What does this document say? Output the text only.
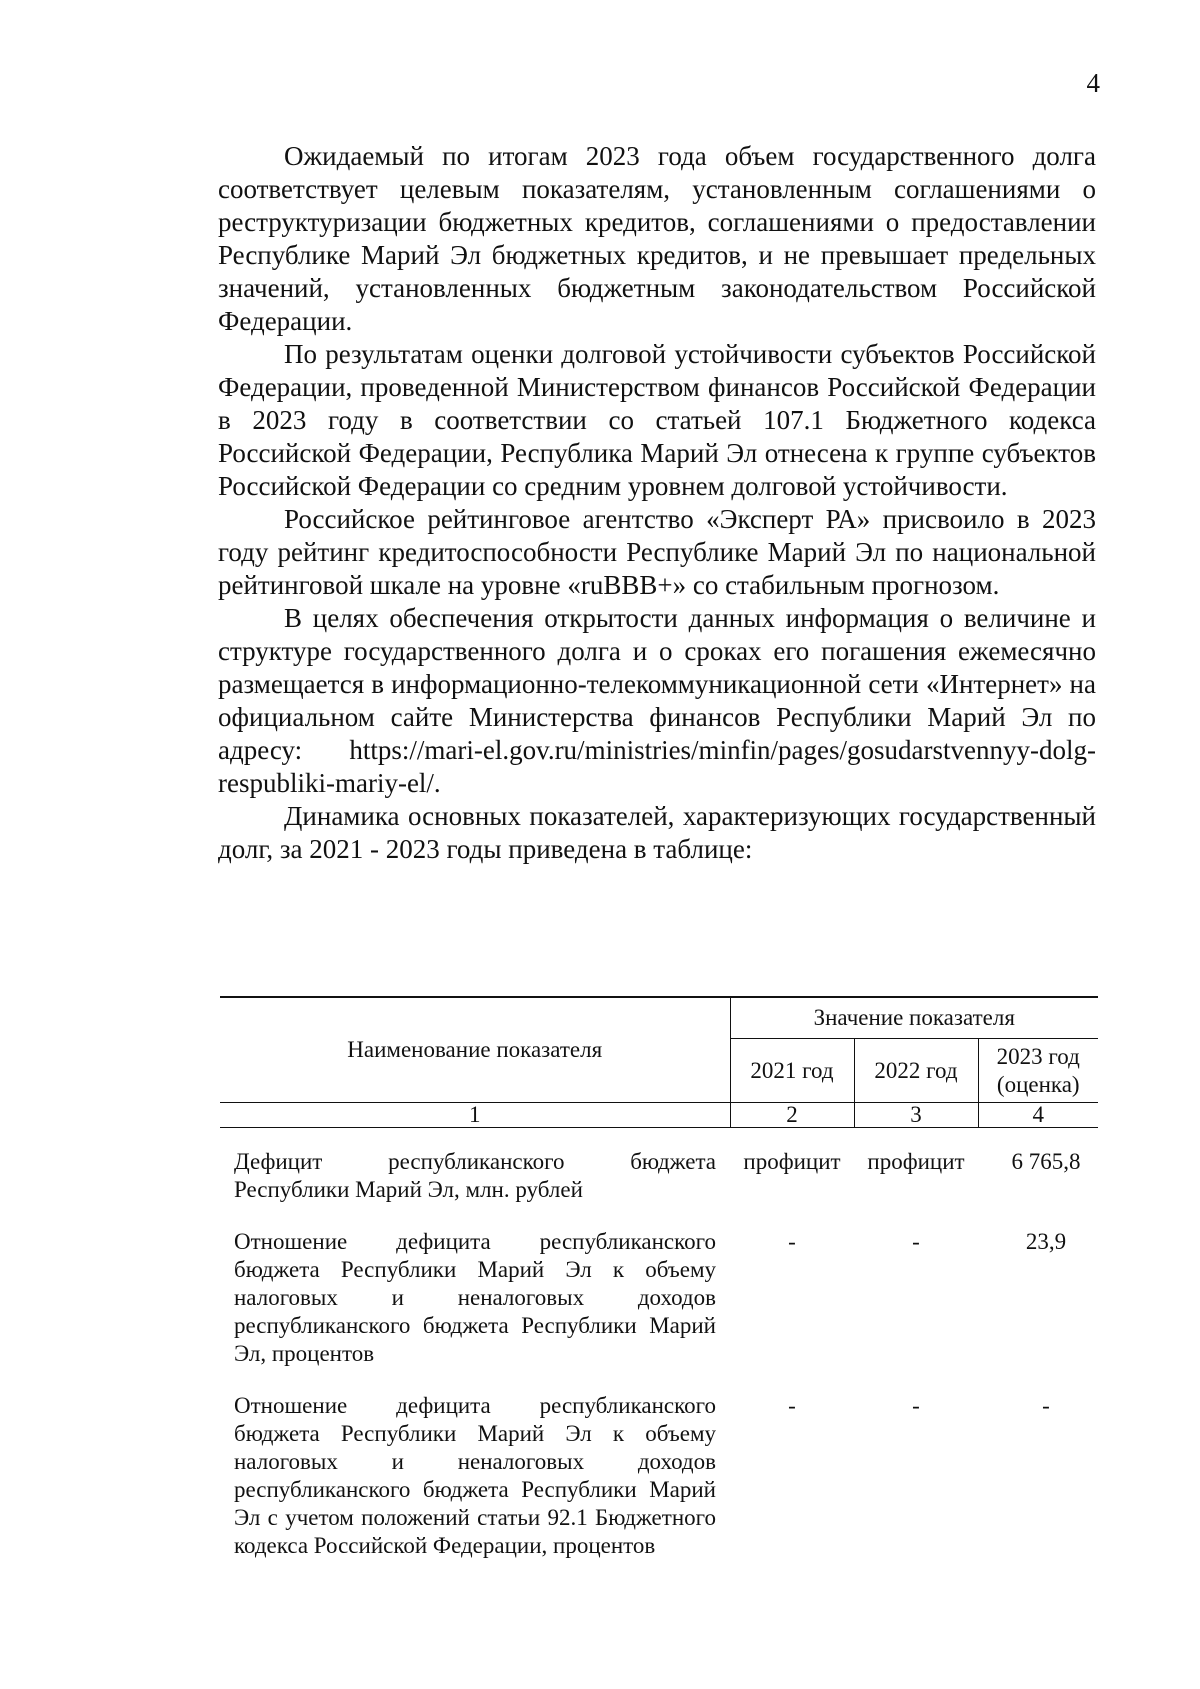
4

Ожидаемый по итогам 2023 года объем государственного долга соответствует целевым показателям, установленным соглашениями о реструктуризации бюджетных кредитов, соглашениями о предоставлении Республике Марий Эл бюджетных кредитов, и не превышает предельных значений, установленных бюджетным законодательством Российской Федерации.

По результатам оценки долговой устойчивости субъектов Российской Федерации, проведенной Министерством финансов Российской Федерации в 2023 году в соответствии со статьей 107.1 Бюджетного кодекса Российской Федерации, Республика Марий Эл отнесена к группе субъектов Российской Федерации со средним уровнем долговой устойчивости.

Российское рейтинговое агентство «Эксперт РА» присвоило в 2023 году рейтинг кредитоспособности Республике Марий Эл по национальной рейтинговой шкале на уровне «ruBBB+» со стабильным прогнозом.

В целях обеспечения открытости данных информация о величине и структуре государственного долга и о сроках его погашения ежемесячно размещается в информационно-телекоммуникационной сети «Интернет» на официальном сайте Министерства финансов Республики Марий Эл по адресу: https://mari-el.gov.ru/ministries/minfin/pages/gosudarstvennyy-dolg-respubliki-mariy-el/.

Динамика основных показателей, характеризующих государственный долг, за 2021 - 2023 годы приведена в таблице:

Наименование показателя	Значение показателя		
	2021 год	2022 год	2023 год
(оценка)
1	2	3	4

Дефицит республиканского бюджета Республики Марий Эл, млн. рублей	профицит	профицит	6 765,8

Отношение дефицита республиканского бюджета Республики Марий Эл к объему налоговых и неналоговых доходов республиканского бюджета Республики Марий Эл, процентов	-	-	23,9

Отношение дефицита республиканского бюджета Республики Марий Эл к объему налоговых и неналоговых доходов республиканского бюджета Республики Марий Эл с учетом положений статьи 92.1 Бюджетного кодекса Российской Федерации, процентов	-	-	-
